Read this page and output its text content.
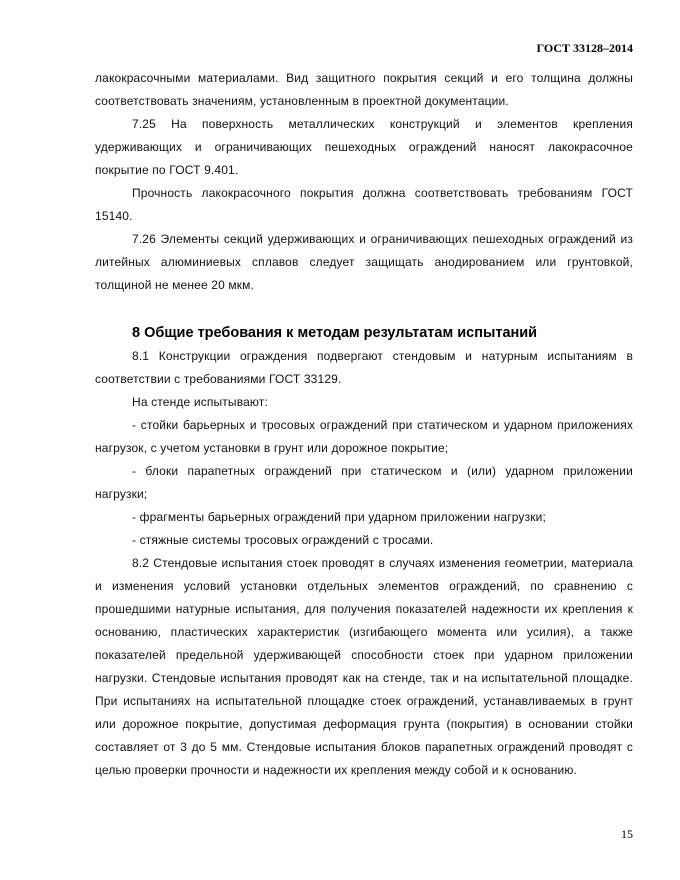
ГОСТ 33128–2014

лакокрасочными материалами. Вид защитного покрытия секций и его толщина должны соответствовать значениям, установленным в проектной документации.

7.25 На поверхность металлических конструкций и элементов крепления удерживающих и ограничивающих пешеходных ограждений наносят лакокрасочное покрытие по ГОСТ 9.401.

Прочность лакокрасочного покрытия должна соответствовать требованиям ГОСТ 15140.

7.26 Элементы секций удерживающих и ограничивающих пешеходных ограждений из литейных алюминиевых сплавов следует защищать анодированием или грунтовкой, толщиной не менее 20 мкм.

8 Общие требования к методам результатам испытаний

8.1 Конструкции ограждения подвергают стендовым и натурным испытаниям в соответствии с требованиями ГОСТ 33129.

На стенде испытывают:

- стойки барьерных и тросовых ограждений при статическом и ударном приложениях нагрузок, с учетом установки в грунт или дорожное покрытие;

- блоки парапетных ограждений при статическом и (или) ударном приложении нагрузки;

- фрагменты барьерных ограждений при ударном приложении нагрузки;

- стяжные системы тросовых ограждений с тросами.

8.2 Стендовые испытания стоек проводят в случаях изменения геометрии, материала и изменения условий установки отдельных элементов ограждений, по сравнению с прошедшими натурные испытания, для получения показателей надежности их крепления к основанию, пластических характеристик (изгибающего момента или усилия), а также показателей предельной удерживающей способности стоек при ударном приложении нагрузки. Стендовые испытания проводят как на стенде, так и на испытательной площадке. При испытаниях на испытательной площадке стоек ограждений, устанавливаемых в грунт или дорожное покрытие, допустимая деформация грунта (покрытия) в основании стойки составляет от 3 до 5 мм. Стендовые испытания блоков парапетных ограждений проводят с целью проверки прочности и надежности их крепления между собой и к основанию.

15
